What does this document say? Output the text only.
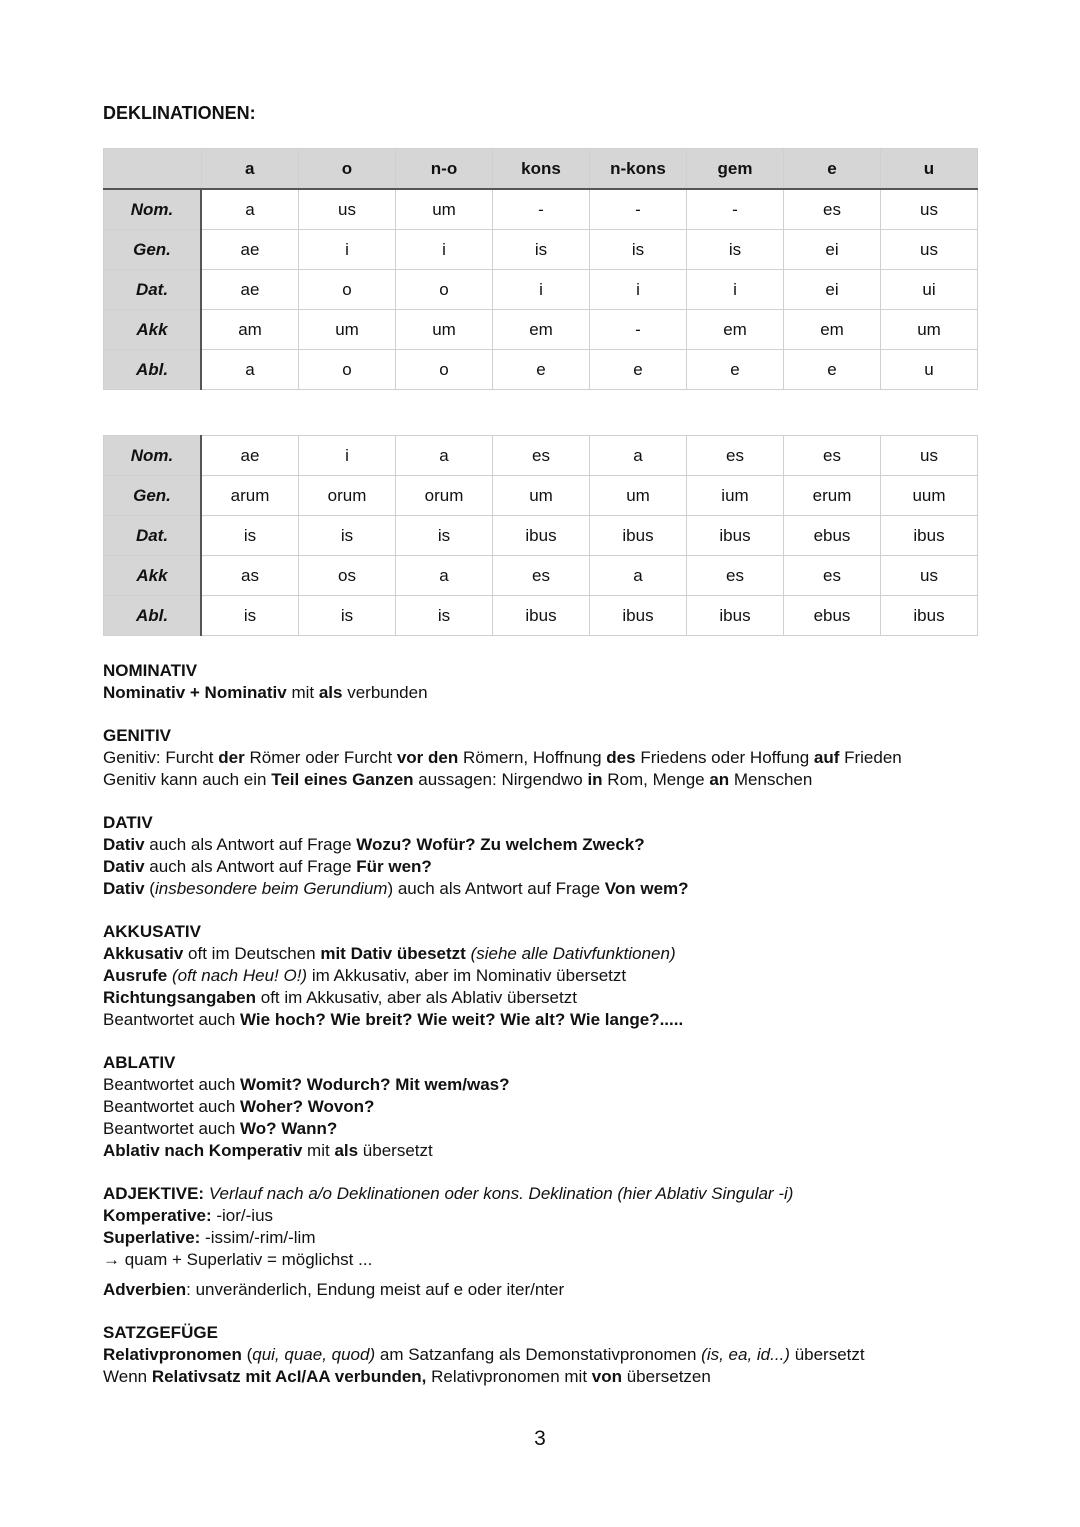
DEKLINATIONEN:
	a	o	n-o	kons	n-kons	gem	e	u
Nom.	a	us	um	-	-	-	es	us
Gen.	ae	i	i	is	is	is	ei	us
Dat.	ae	o	o	i	i	i	ei	ui
Akk	am	um	um	em	-	em	em	um
Abl.	a	o	o	e	e	e	e	u
Nom.	ae	i	a	es	a	es	es	us
Gen.	arum	orum	orum	um	um	ium	erum	uum
Dat.	is	is	is	ibus	ibus	ibus	ebus	ibus
Akk	as	os	a	es	a	es	es	us
Abl.	is	is	is	ibus	ibus	ibus	ebus	ibus

NOMINATIV

Nominativ + Nominativ mit als verbunden

GENITIV

Genitiv: Furcht der Römer oder Furcht vor den Römern, Hoffnung des Friedens oder Hoffung auf Frieden

Genitiv kann auch ein Teil eines Ganzen aussagen: Nirgendwo in Rom, Menge an Menschen

DATIV

Dativ auch als Antwort auf Frage Wozu? Wofür? Zu welchem Zweck?

Dativ auch als Antwort auf Frage Für wen?

Dativ (insbesondere beim Gerundium) auch als Antwort auf Frage Von wem?

AKKUSATIV

Akkusativ oft im Deutschen mit Dativ übesetzt (siehe alle Dativfunktionen)

Ausrufe (oft nach Heu! O!) im Akkusativ, aber im Nominativ übersetzt

Richtungsangaben oft im Akkusativ, aber als Ablativ übersetzt

Beantwortet auch Wie hoch? Wie breit? Wie weit? Wie alt? Wie lange?.....

ABLATIV

Beantwortet auch Womit? Wodurch? Mit wem/was?

Beantwortet auch Woher? Wovon?

Beantwortet auch Wo? Wann?

Ablativ nach Komperativ mit als übersetzt

ADJEKTIVE: Verlauf nach a/o Deklinationen oder kons. Deklination (hier Ablativ Singular -i)

Komperative: -ior/-ius

Superlative: -issim/-rim/-lim

→ quam + Superlativ = möglichst ...

Adverbien: unveränderlich, Endung meist auf e oder iter/nter

SATZGEFÜGE

Relativpronomen (qui, quae, quod) am Satzanfang als Demonstativpronomen (is, ea, id...) übersetzt

Wenn Relativsatz mit AcI/AA verbunden, Relativpronomen mit von übersetzen

3
